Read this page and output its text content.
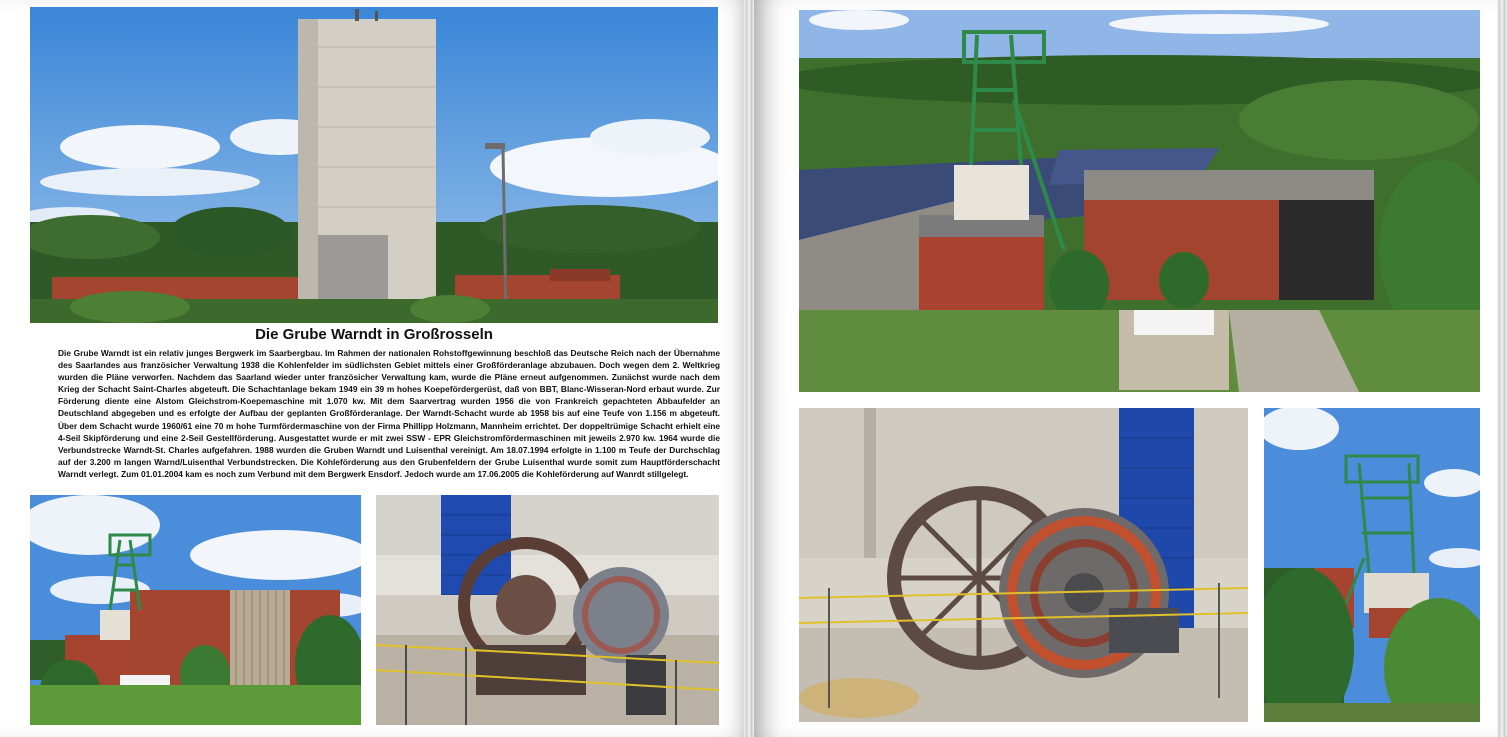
Die Grube Warndt in Großrosseln

Die Grube Warndt ist ein relativ junges Bergwerk im Saarbergbau. Im Rahmen der nationalen Rohstoffgewinnung beschloß das Deutsche Reich nach der Übernahme des Saarlandes aus französicher Verwaltung 1938 die Kohlenfelder im südlichsten Gebiet mittels einer Großförderanlage abzubauen. Doch wegen dem 2. Weltkrieg wurden die Pläne verworfen. Nachdem das Saarland wieder unter französicher Verwaltung kam, wurde die Pläne erneut aufgenommen. Zunächst wurde nach dem Krieg der Schacht Saint-Charles abgeteuft. Die Schachtanlage bekam 1949 ein 39 m hohes Koepefördergerüst, daß von BBT, Blanc-Wisseran-Nord erbaut wurde. Zur Förderung diente eine Alstom Gleichstrom-Koepemaschine mit 1.070 kw. Mit dem Saarvertrag wurden 1956 die von Frankreich gepachteten Abbaufelder an Deutschland abgegeben und es erfolgte der Aufbau der geplanten Großförderanlage. Der Warndt-Schacht wurde ab 1958 bis auf eine Teufe von 1.156 m abgeteuft. Über dem Schacht wurde 1960/61 eine 70 m hohe Turmfördermaschine von der Firma Phillipp Holzmann, Mannheim errichtet. Der doppeltrümige Schacht erhielt eine 4-Seil Skipförderung und eine 2-Seil Gestellförderung. Ausgestattet wurde er mit zwei SSW - EPR Gleichstromfördermaschinen mit jeweils 2.970 kw. 1964 wurde die Verbundstrecke Warndt-St. Charles aufgefahren. 1988 wurden die Gruben Warndt und Luisenthal vereinigt. Am 18.07.1994 erfolgte in 1.100 m Teufe der Durchschlag auf der 3.200 m langen Warnd/Luisenthal Verbundstrecken. Die Kohleförderung aus den Grubenfeldern der Grube Luisenthal wurde somit zum Hauptförderschacht Warndt verlegt. Zum 01.01.2004 kam es noch zum Verbund mit dem Bergwerk Ensdorf. Jedoch wurde am 17.06.2005 die Kohleförderung auf Wanrdt stillgelegt.
